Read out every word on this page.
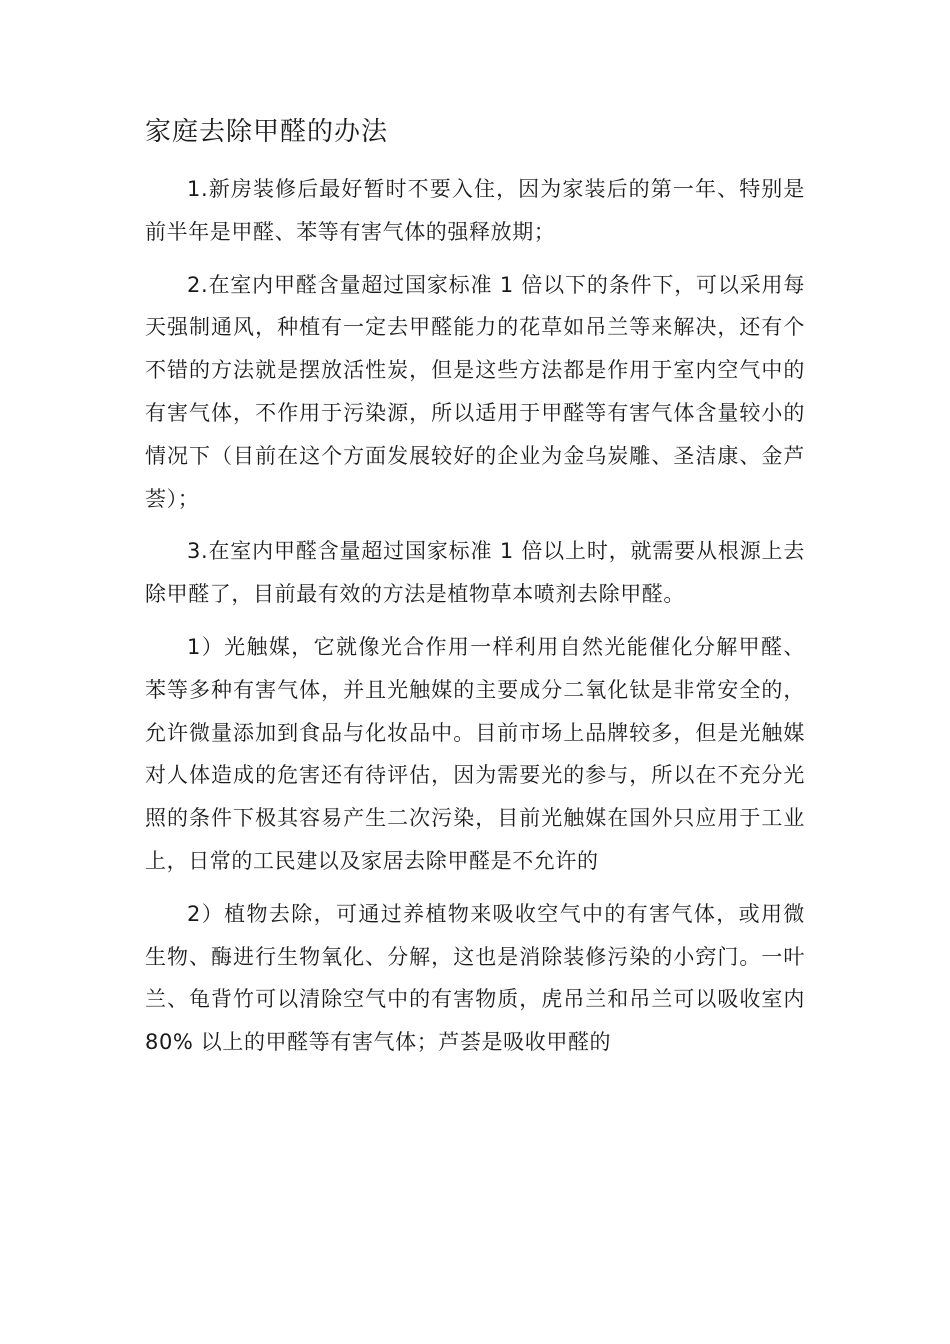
家庭去除甲醛的办法

1.新房装修后最好暂时不要入住，因为家装后的第一年、特别是前半年是甲醛、苯等有害气体的强释放期；

2.在室内甲醛含量超过国家标准 1 倍以下的条件下，可以采用每天强制通风，种植有一定去甲醛能力的花草如吊兰等来解决，还有个不错的方法就是摆放活性炭，但是这些方法都是作用于室内空气中的有害气体，不作用于污染源，所以适用于甲醛等有害气体含量较小的情况下（目前在这个方面发展较好的企业为金乌炭雕、圣洁康、金芦荟）；

3.在室内甲醛含量超过国家标准 1 倍以上时，就需要从根源上去除甲醛了，目前最有效的方法是植物草本喷剂去除甲醛。

1）光触媒，它就像光合作用一样利用自然光能催化分解甲醛、苯等多种有害气体，并且光触媒的主要成分二氧化钛是非常安全的，允许微量添加到食品与化妆品中。目前市场上品牌较多，但是光触媒对人体造成的危害还有待评估，因为需要光的参与，所以在不充分光照的条件下极其容易产生二次污染，目前光触媒在国外只应用于工业上，日常的工民建以及家居去除甲醛是不允许的

2）植物去除，可通过养植物来吸收空气中的有害气体，或用微生物、酶进行生物氧化、分解，这也是消除装修污染的小窍门。一叶兰、龟背竹可以清除空气中的有害物质，虎吊兰和吊兰可以吸收室内 80% 以上的甲醛等有害气体；芦荟是吸收甲醛的
